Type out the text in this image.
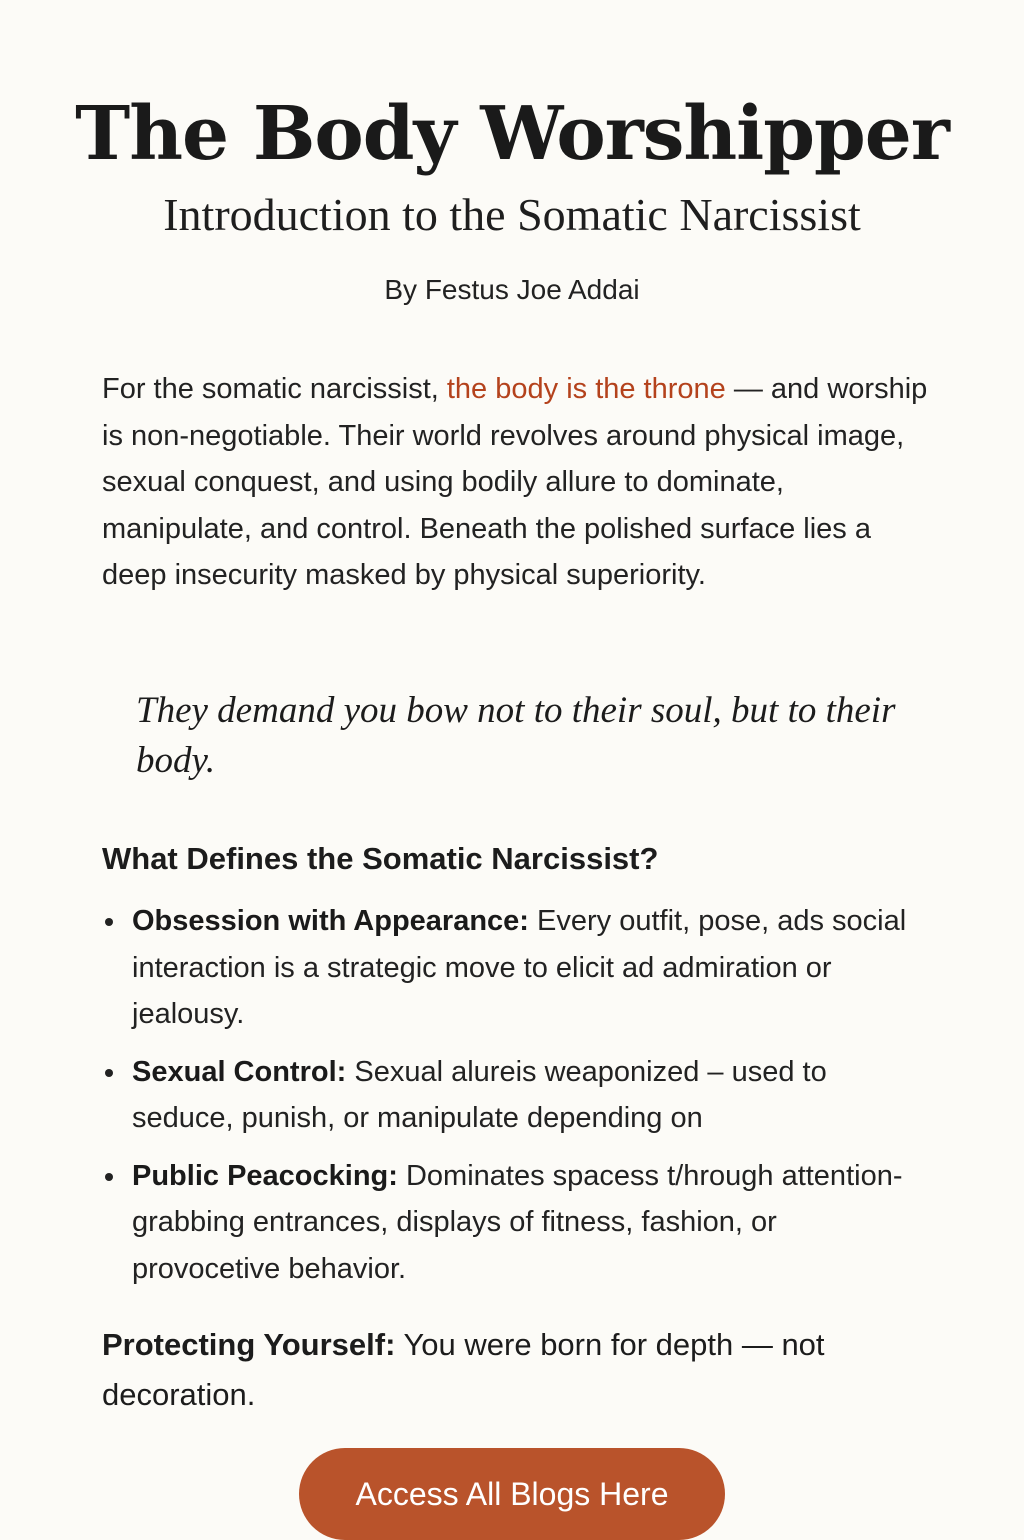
The Body Worshipper
Introduction to the Somatic Narcissist

By Festus Joe Addai

For the somatic narcissist, the body is the throne — and worship is non-negotiable. Their world revolves around physical image, sexual conquest, and using bodily allure to dominate, manipulate, and control. Beneath the polished surface lies a deep insecurity masked by physical superiority.

They demand you bow not to their soul, but to their body.

What Defines the Somatic Narcissist?
Obsession with Appearance: Every outfit, pose, ads social interaction is a strategic move to elicit ad admiration or jealousy.
Sexual Control: Sexual alureis weaponized – used to seduce, punish, or manipulate depending on
Public Peacocking: Dominates spacess t/hrough attention-grabbing entrances, displays of fitness, fashion, or provocetive behavior.

Protecting Yourself: You were born for depth — not decoration.

Access All Blogs Here
